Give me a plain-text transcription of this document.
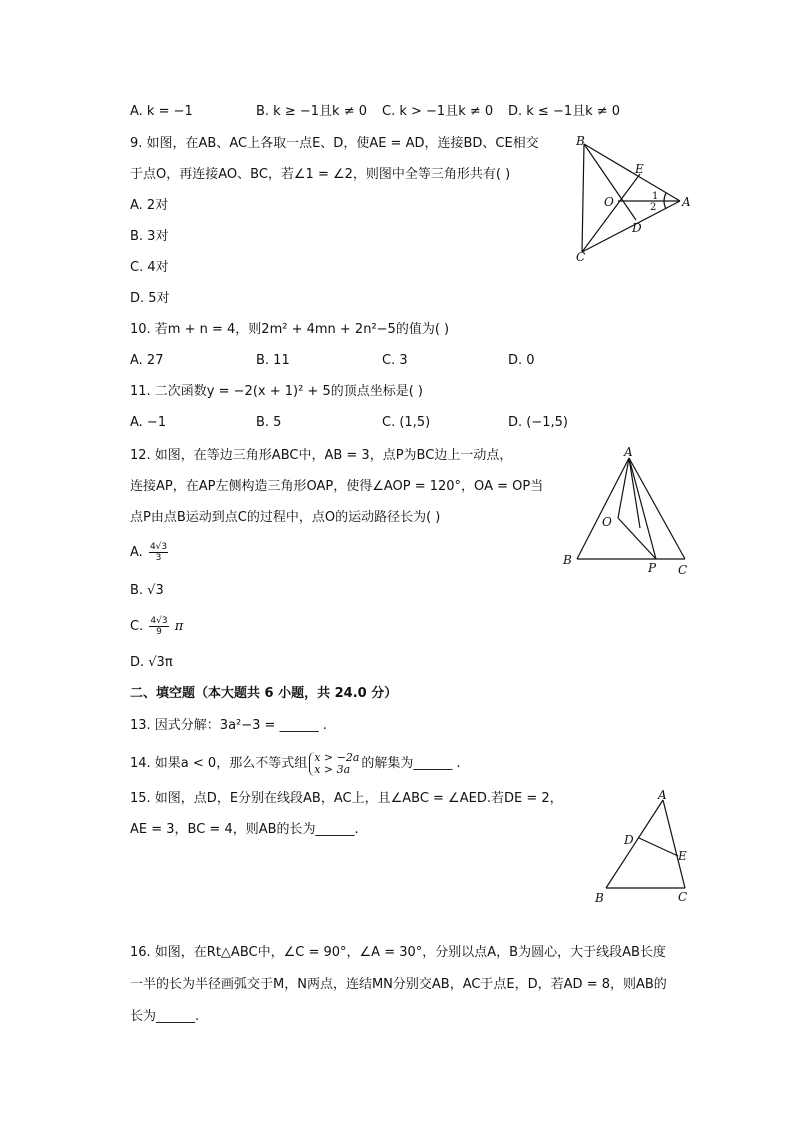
A. k = −1	B. k ≥ −1且k ≠ 0 C. k > −1且k ≠ 0 D. k ≤ −1且k ≠ 0
9. 如图，在AB、AC上各取一点E、D，使AE = AD，连接BD、CE相交
于点O，再连接AO、BC，若∠1 = ∠2，则图中全等三角形共有( )
A. 2对
B. 3对
C. 4对
D. 5对
B
E
O	A
D
C
1
2
10. 若m + n = 4，则2m² + 4mn + 2n²−5的值为( )
A. 27	B. 11	C. 3	D. 0
11. 二次函数y = −2(x + 1)² + 5的顶点坐标是( )
A. −1	B. 5	C. (1,5)	D. (−1,5)
12. 如图，在等边三角形ABC中，AB = 3，点P为BC边上一动点，
连接AP，在AP左侧构造三角形OAP，使得∠AOP = 120°，OA = OP当
点P由点B运动到点C的过程中，点O的运动路径长为( )
A. $\frac{4√3}{3}$
B. √3
C. $\frac{4√3}{9}$ π
D. √3π
A
O
B
P C
二、填空题（本大题共 6 小题，共 24.0 分）
13. 因式分解：3a²−3 = ______ .
14. 如果a < 0，那么不等式组 x > −2a
x > 3a 的解集为______ .
15. 如图，点D，E分别在线段AB，AC上，且∠ABC = ∠AED.若DE = 2，
AE = 3，BC = 4，则AB的长为______.
A
D
E
B	C
16. 如图，在Rt△ABC中，∠C = 90°，∠A = 30°，分别以点A，B为圆心，大于线段AB长度
一半的长为半径画弧交于M，N两点，连结MN分别交AB，AC于点E，D，若AD = 8，则AB的
长为______.
